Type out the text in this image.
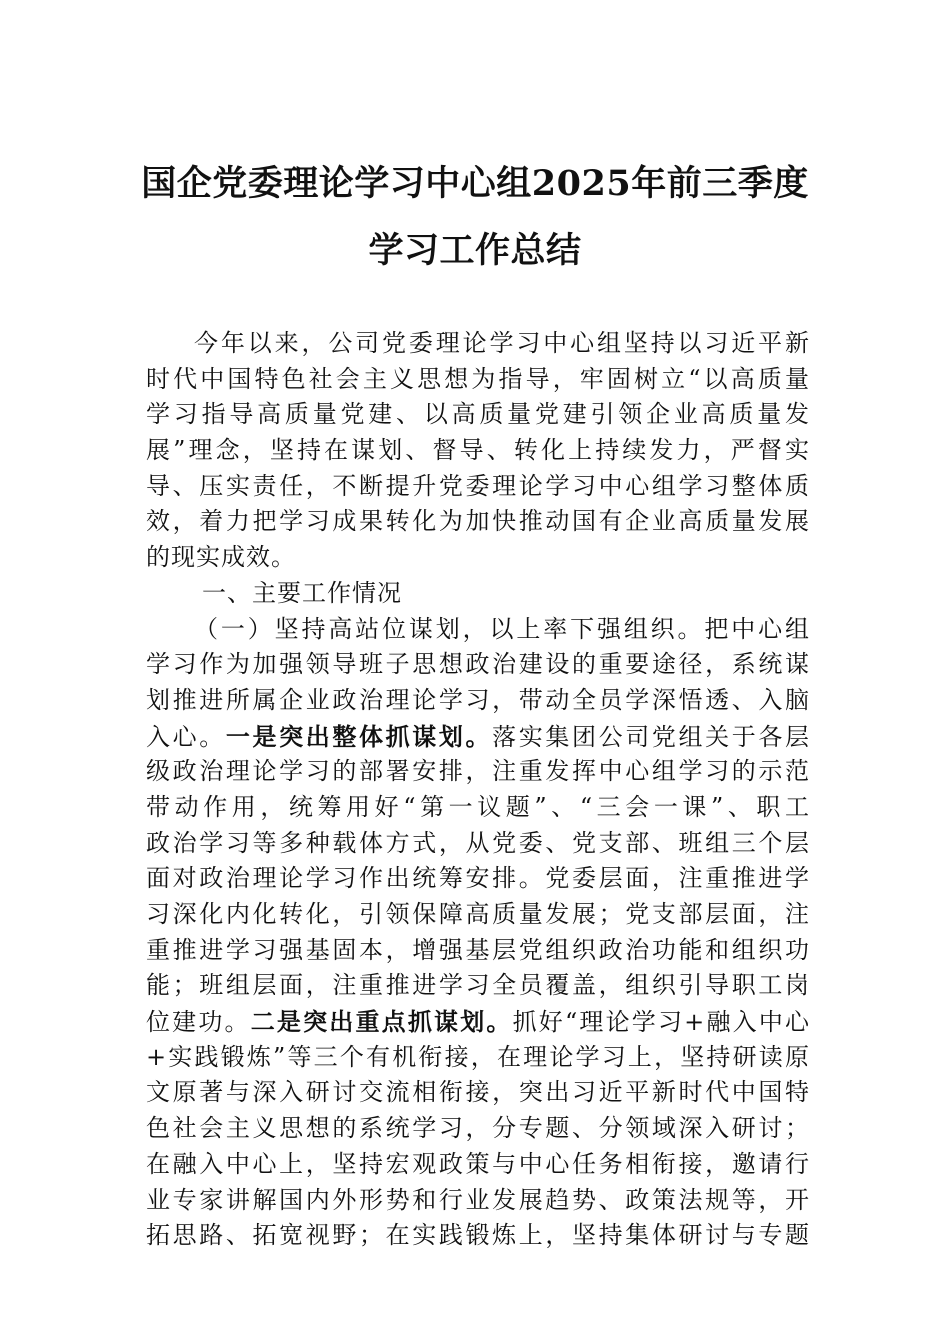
国企党委理论学习中心组2025年前三季度
学习工作总结
今年以来，公司党委理论学习中心组坚持以习近平新
时代中国特色社会主义思想为指导，牢固树立“以高质量
学习指导高质量党建、以高质量党建引领企业高质量发
展”理念，坚持在谋划、督导、转化上持续发力，严督实
导、压实责任，不断提升党委理论学习中心组学习整体质
效，着力把学习成果转化为加快推动国有企业高质量发展
的现实成效。
一、主要工作情况
（一）坚持高站位谋划，以上率下强组织。把中心组
学习作为加强领导班子思想政治建设的重要途径，系统谋
划推进所属企业政治理论学习，带动全员学深悟透、入脑
入心。一是突出整体抓谋划。落实集团公司党组关于各层
级政治理论学习的部署安排，注重发挥中心组学习的示范
带动作用，统筹用好“第一议题”、“三会一课”、职工
政治学习等多种载体方式，从党委、党支部、班组三个层
面对政治理论学习作出统筹安排。党委层面，注重推进学
习深化内化转化，引领保障高质量发展；党支部层面，注
重推进学习强基固本，增强基层党组织政治功能和组织功
能；班组层面，注重推进学习全员覆盖，组织引导职工岗
位建功。二是突出重点抓谋划。抓好“理论学习+融入中心
+实践锻炼”等三个有机衔接，在理论学习上，坚持研读原
文原著与深入研讨交流相衔接，突出习近平新时代中国特
色社会主义思想的系统学习，分专题、分领域深入研讨；
在融入中心上，坚持宏观政策与中心任务相衔接，邀请行
业专家讲解国内外形势和行业发展趋势、政策法规等，开
拓思路、拓宽视野；在实践锻炼上，坚持集体研讨与专题
